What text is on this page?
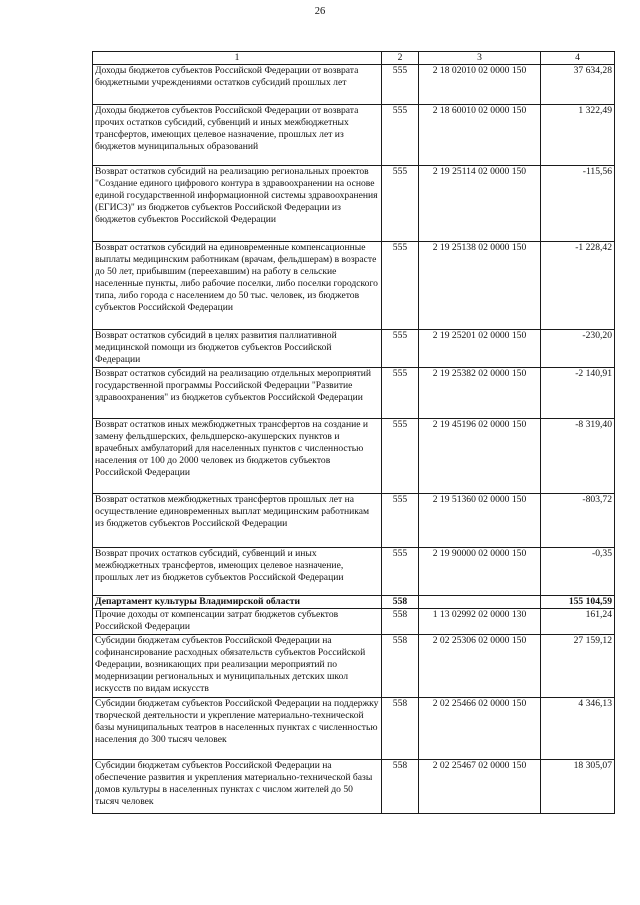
26
1	2	3	4
Доходы бюджетов субъектов Российской Федерации от возврата бюджетными учреждениями остатков субсидий прошлых лет	555	2 18 02010 02 0000 150	37 634,28
Доходы бюджетов субъектов Российской Федерации от возврата прочих остатков субсидий, субвенций и иных межбюджетных трансфертов, имеющих целевое назначение, прошлых лет из бюджетов муниципальных образований	555	2 18 60010 02 0000 150	1 322,49
Возврат остатков субсидий на реализацию региональных проектов "Создание единого цифрового контура в здравоохранении на основе единой государственной информационной системы здравоохранения (ЕГИСЗ)" из бюджетов субъектов Российской Федерации из бюджетов субъектов Российской Федерации	555	2 19 25114 02 0000 150	-115,56
Возврат остатков субсидий на единовременные компенсационные выплаты медицинским работникам (врачам, фельдшерам) в возрасте до 50 лет, прибывшим (переехавшим) на работу в сельские населенные пункты, либо рабочие поселки, либо поселки городского типа, либо города с населением до 50 тыс. человек, из бюджетов субъектов Российской Федерации	555	2 19 25138 02 0000 150	-1 228,42
Возврат остатков субсидий в целях развития паллиативной медицинской помощи из бюджетов субъектов Российской Федерации	555	2 19 25201 02 0000 150	-230,20
Возврат остатков субсидий на реализацию отдельных мероприятий государственной программы Российской Федерации "Развитие здравоохранения" из бюджетов субъектов Российской Федерации	555	2 19 25382 02 0000 150	-2 140,91
Возврат остатков иных межбюджетных трансфертов на создание и замену фельдшерских, фельдшерско-акушерских пунктов и врачебных амбулаторий для населенных пунктов с численностью населения от 100 до 2000 человек из бюджетов субъектов Российской Федерации	555	2 19 45196 02 0000 150	-8 319,40
Возврат остатков межбюджетных трансфертов прошлых лет на осуществление единовременных выплат медицинским работникам из бюджетов субъектов Российской Федерации	555	2 19 51360 02 0000 150	-803,72
Возврат прочих остатков субсидий, субвенций и иных межбюджетных трансфертов, имеющих целевое назначение, прошлых лет из бюджетов субъектов Российской Федерации	555	2 19 90000 02 0000 150	-0,35
Департамент культуры Владимирской области	558		155 104,59
Прочие доходы от компенсации затрат бюджетов субъектов Российской Федерации	558	1 13 02992 02 0000 130	161,24
Субсидии бюджетам субъектов Российской Федерации на софинансирование расходных обязательств субъектов Российской Федерации, возникающих при реализации мероприятий по модернизации региональных и муниципальных детских школ искусств по видам искусств	558	2 02 25306 02 0000 150	27 159,12
Субсидии бюджетам субъектов Российской Федерации на поддержку творческой деятельности и укрепление материально-технической базы муниципальных театров в населенных пунктах с численностью населения до 300 тысяч человек	558	2 02 25466 02 0000 150	4 346,13
Субсидии бюджетам субъектов Российской Федерации на обеспечение развития и укрепления материально-технической базы домов культуры в населенных пунктах с числом жителей до 50 тысяч человек	558	2 02 25467 02 0000 150	18 305,07
